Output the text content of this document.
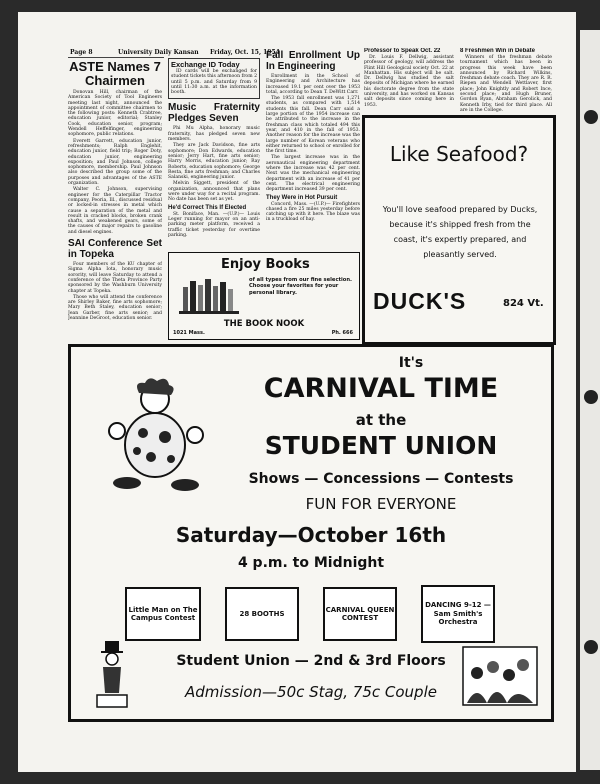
Page 8	University Daily Kansan Friday, Oct. 15, 1954
ASTE Names 7 Chairmen

Donovan Hill, chairman of the American Society of Tool Engineers meeting last night, announced the appointment of committee chairmen to the following posts: Kenneth Crabtree, education junior, editorial; Stanley Cook, education senior, program; Wendell Heffelfinger, engineering sophomore, public relations.

Everett Garrett, education junior, refreshments; Ralph Englehit, education junior, field trip; Roger Doty, education junior, engineering exposition; and Paul Johnson, college sophomore, membership. Paul Johnson also described the group some of the purposes and advantages of the ASTE organization.

Walter C. Johnson, supervising engineer for the Caterpillar Tractor company, Peoria, Ill., discussed residual or locked-in stresses in metal which cause a separation of the metal and result in cracked blocks, broken crank shafts, and weakened gears, some of the causes of major repairs to gasoline and diesel engines.

SAI Conference Set in Topeka

Four members of the KU chapter of Sigma Alpha Iota, honorary music sorority, will leave Saturday to attend a conference of the Theta Province Party sponsored by the Washburn University chapter at Topeka.

Those who will attend the conference are Shirley Baker, fine arts sophomore; Mary Beth Staley, education senior; Jean Garber, fine arts senior; and Jeannine DeGroot, education senior.

Exchange ID Today

ID cards will be exchanged for student tickets this afternoon from 2 until 5 p.m. and Saturday from 9 until 11:30 a.m. at the information booth.

Music Fraternity Pledges Seven

Phi Mu Alpha, honorary music fraternity, has pledged seven new members.

They are Jack Davidson, fine arts sophomore; Don Edwards, education senior; Jerry Hart, fine arts senior; Harry Morris, education junior; Ray Roberts, education sophomore; George Resta, fine arts freshman; and Charles Salanski, engineering junior.

Melvin Siggett, president of the organization, announced that plans were under way for a recital program. No date has been set as yet.

He'd Correct This If Elected

St. Boniface, Man. —(U.P.)— Louis Leger running for mayor on an anti-parking meter platform, received a traffic ticket yesterday for overtime parking.

Fall Enrollment Up In Engineering

Enrollment in the School of Engineering and Architecture has increased 19.1 per cent over the 1953 total, according to Dean T. DeWitt Carr.

The 1953 fall enrollment was 1,271 students, as compared with 1,514 students this fall. Dean Carr said a large portion of the 1954 increase can be attributed to the increase in the freshman class which totaled 494 this year, and 410 in the fall of 1953. Another reason for the increase was the large number of Korean veterans who either returned to school or enrolled for the first time.

The largest increase was in the aeronautical engineering department where the increase was 42 per cent. Next was the mechanical engineering department with an increase of 41 per cent. The electrical engineering department increased 39 per cent.

They Were in Hot Pursuit

Concord, Mass. —(U.P.)— Firefighters chased a fire 25 miles yesterday before catching up with it here. The blaze was in a truckload of hay.

Professor to Speak Oct. 22

Dr. Louis F. Dellwig, assistant professor of geology, will address the Flint Hill Geological society Oct. 22 at Manhattan. His subject will be salt. Dr. Dellwig has studied the salt deposits of Michigan where he earned his doctorate degree from the state university, and has worked on Kansas salt deposits since coming here in 1953.

8 Freshmen Win in Debate

Winners of the freshman debate tournament which has been in progress this week have been announced by Richard Wilkins, freshman debate coach. They are R. R. Riepen and Wendell Wettlaver, first place; John Knightly and Robert Ince, second place; and Hugh Bruner, Gordon Ryan, Abraham Gerolick, and Kenneth Irby, tied for third place. All are in the College.

Enjoy Books
of all types from our fine selection. Choose your favorites for your personal library.
THE BOOK NOOK
1021 Mass.	Ph. 666
Like Seafood?
You'll love seafood prepared by Ducks, because it's shipped fresh from the coast, it's expertly prepared, and pleasantly served.
DUCK'S	824 Vt.
It's
CARNIVAL TIME
at the
STUDENT UNION
Shows — Concessions — Contests
FUN FOR EVERYONE
Saturday—October 16th
4 p.m. to Midnight
Little Man on The Campus Contest
28 BOOTHS
CARNIVAL QUEEN CONTEST
DANCING 9-12 — Sam Smith's Orchestra
Student Union — 2nd & 3rd Floors
Admission—50c Stag, 75c Couple
